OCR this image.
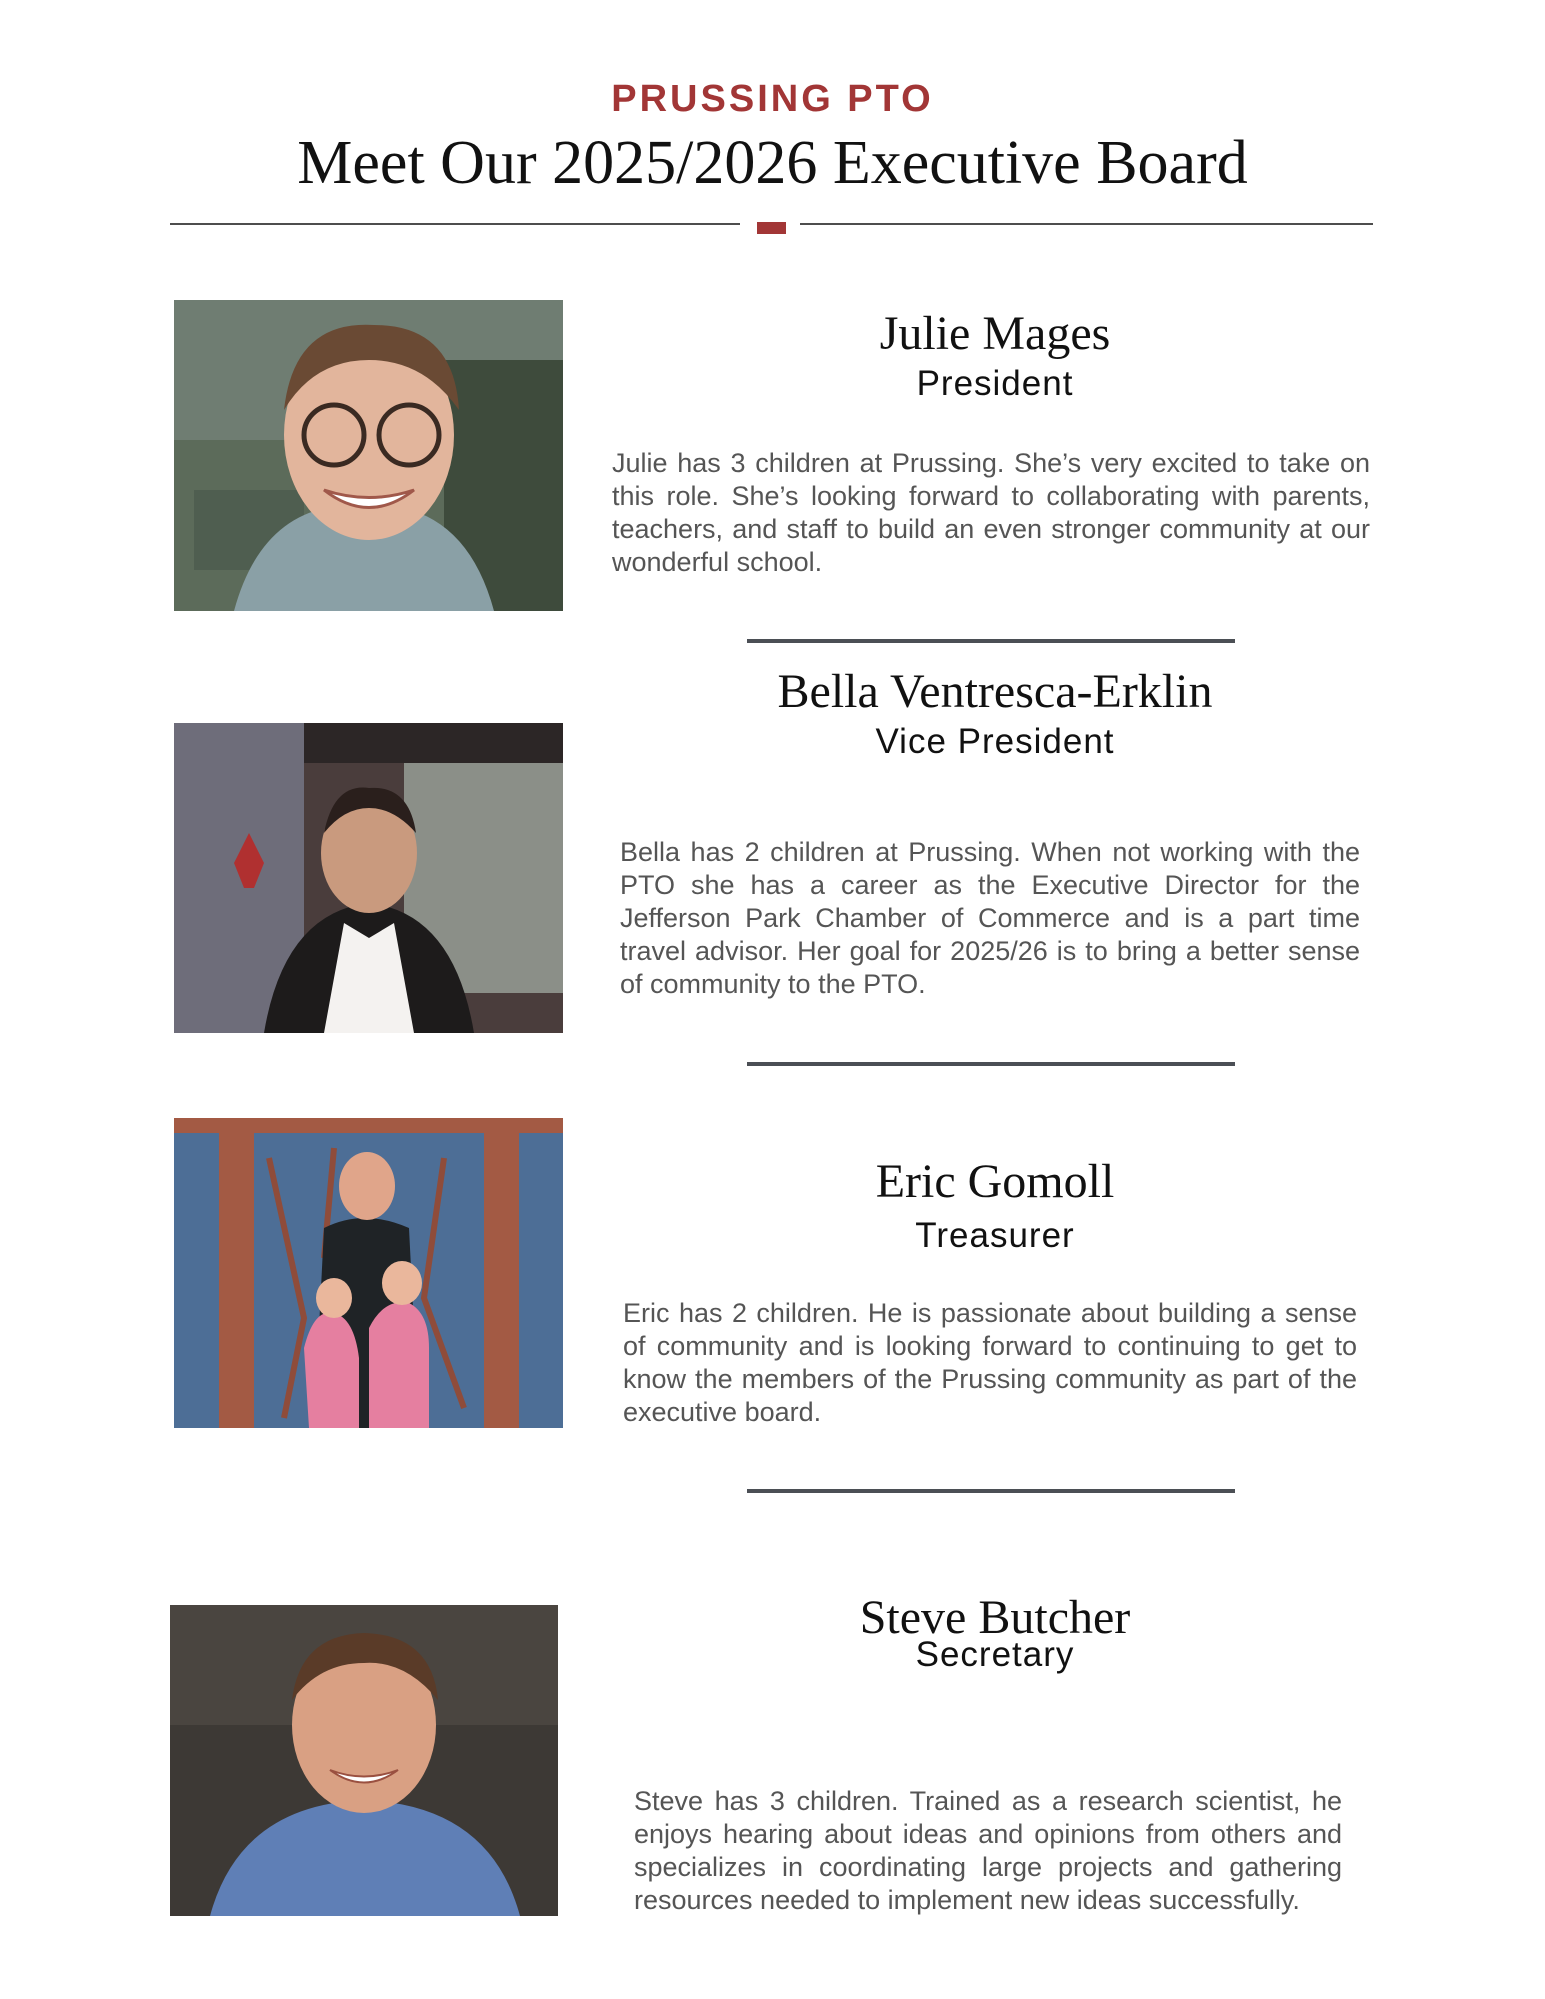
PRUSSING PTO
Meet Our 2025/2026 Executive Board
Julie Mages
President
Julie has 3 children at Prussing. She’s very excited to take on this role. She’s looking forward to collaborating with parents, teachers, and staff to build an even stronger community at our wonderful school.
Bella Ventresca-Erklin
Vice President
Bella has 2 children at Prussing. When not working with the PTO she has a career as the Executive Director for the Jefferson Park Chamber of Commerce and is a part time travel advisor. Her goal for 2025/26 is to bring a better sense of community to the PTO.
Eric Gomoll
Treasurer
Eric has 2 children. He is passionate about building a sense of community and is looking forward to continuing to get to know the members of the Prussing community as part of the executive board.
Steve Butcher
Secretary
Steve has 3 children. Trained as a research scientist, he enjoys hearing about ideas and opinions from others and specializes in coordinating large projects and gathering resources needed to implement new ideas successfully.
